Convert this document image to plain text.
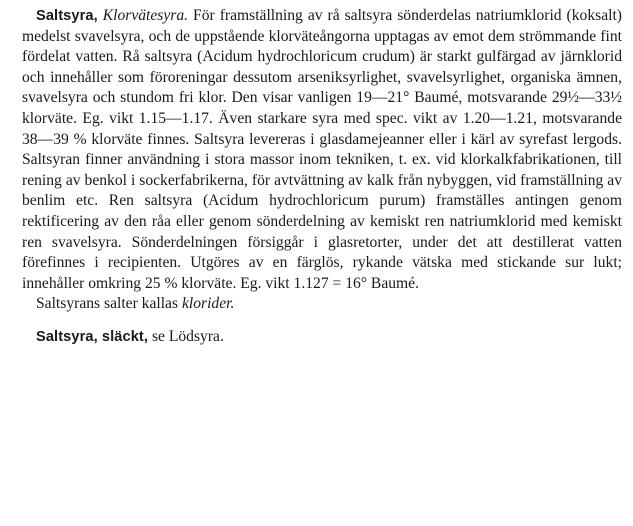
Saltsyra, Klorvätesyra. För framställning av rå saltsyra sönderdelas natriumklorid (koksalt) medelst svavelsyra, och de uppstående klorväteångorna upptagas av emot dem strömmande fint fördelat vatten. Rå saltsyra (Acidum hydrochloricum crudum) är starkt gulfärgad av järnklorid och innehåller som föroreningar dessutom arseniksyrlighet, svavelsyrlighet, organiska ämnen, svavelsyra och stundom fri klor. Den visar vanligen 19—21° Baumé, motsvarande 29½—33½ klorväte. Eg. vikt 1.15—1.17. Även starkare syra med spec. vikt av 1.20—1.21, motsvarande 38—39 % klorväte finnes. Saltsyra levereras i glasdamejeanner eller i kärl av syrefast lergods. Saltsyran finner användning i stora massor inom tekniken, t. ex. vid klorkalkfabrikationen, till rening av benkol i sockerfabrikerna, för avtvättning av kalk från nybyggen, vid framställning av benlim etc. Ren saltsyra (Acidum hydrochloricum purum) framställes antingen genom rektificering av den råa eller genom sönderdelning av kemiskt ren natriumklorid med kemiskt ren svavelsyra. Sönderdelningen försiggår i glasretorter, under det att destillerat vatten förefinnes i recipienten. Utgöres av en färglös, rykande vätska med stickande sur lukt; innehåller omkring 25 % klorväte. Eg. vikt 1.127 = 16° Baumé.

Saltsyrans salter kallas klorider.

Saltsyra, släckt, se Lödsyra.
